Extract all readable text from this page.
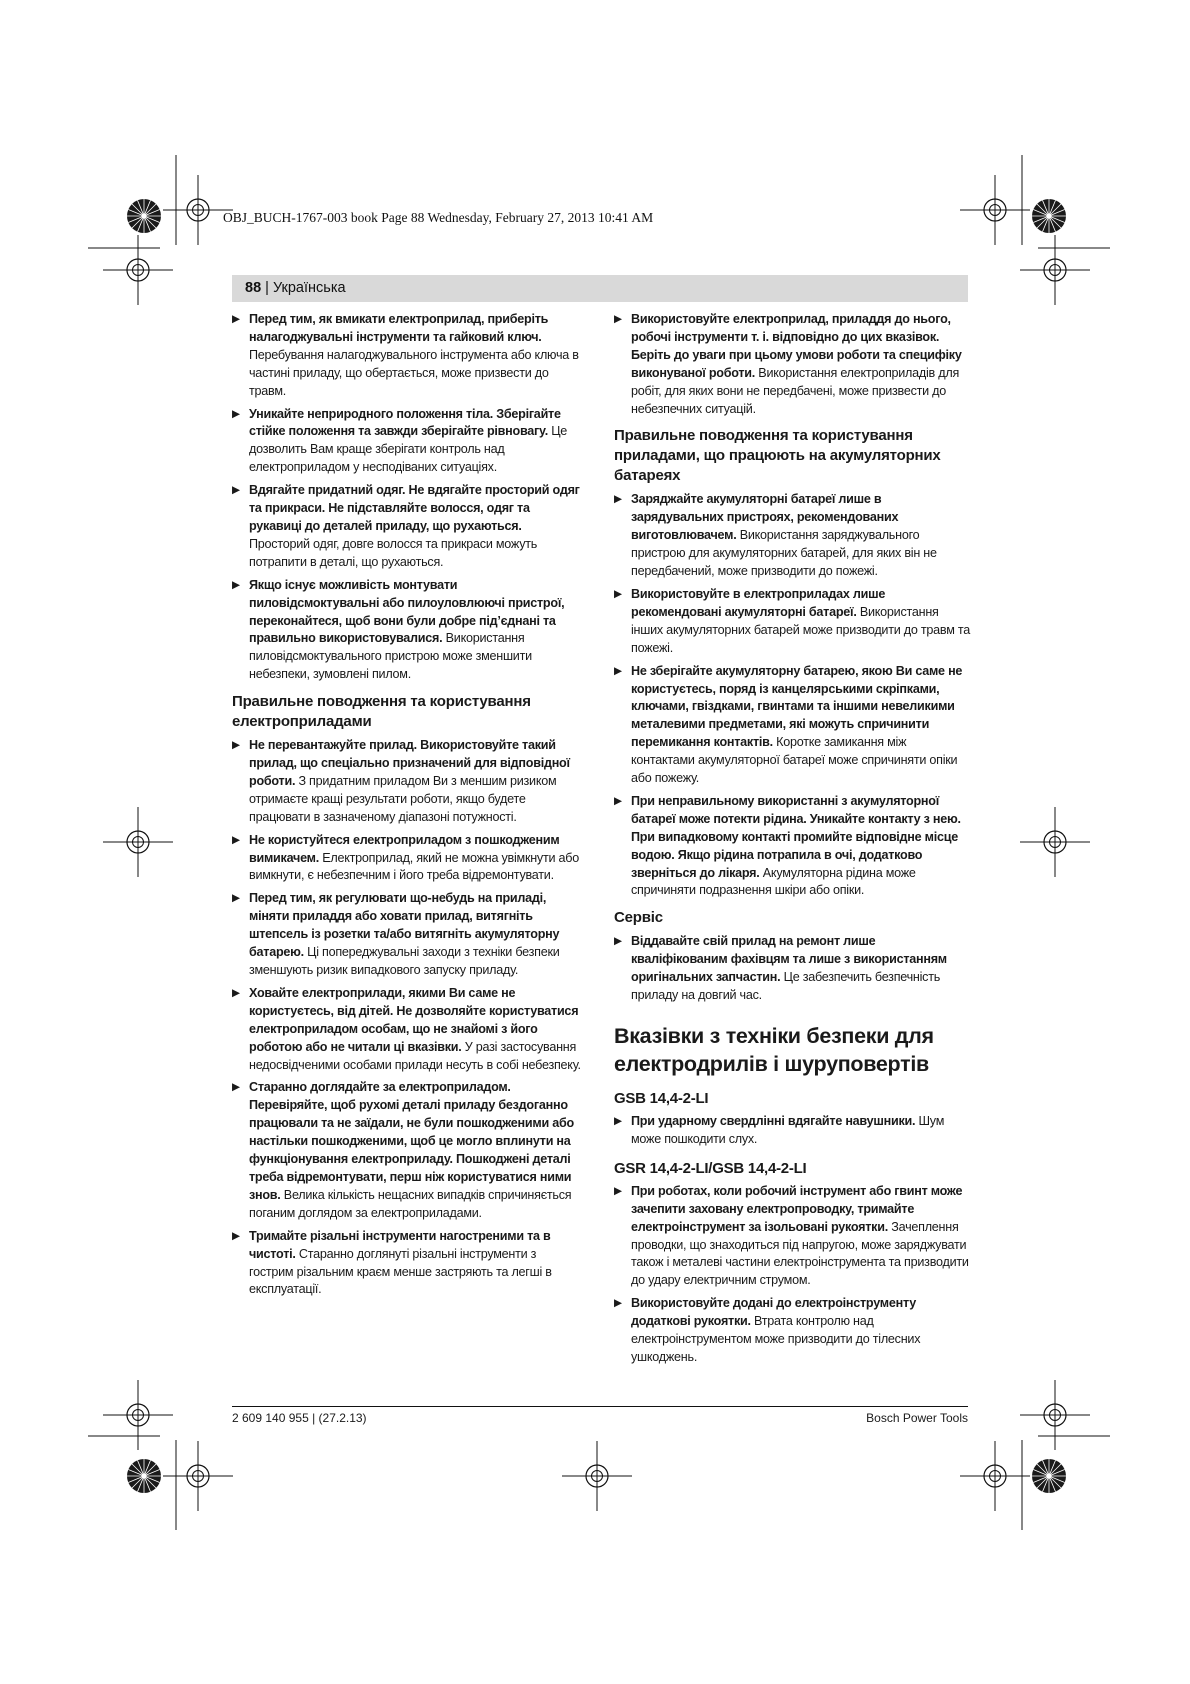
OBJ_BUCH-1767-003 book Page 88 Wednesday, February 27, 2013 10:41 AM
88 | Українська
▶ Перед тим, як вмикати електроприлад, приберіть налагоджувальні інструменти та гайковий ключ. Перебування налагоджувального інструмента або ключа в частині приладу, що обертається, може призвести до травм.
▶ Уникайте неприродного положення тіла. Зберігайте стійке положення та завжди зберігайте рівновагу. Це дозволить Вам краще зберігати контроль над електроприладом у несподіваних ситуаціях.
▶ Вдягайте придатний одяг. Не вдягайте просторий одяг та прикраси. Не підставляйте волосся, одяг та рукавиці до деталей приладу, що рухаються. Просторий одяг, довге волосся та прикраси можуть потрапити в деталі, що рухаються.
▶ Якщо існує можливість монтувати пиловідсмоктувальні або пилоуловлюючі пристрої, переконайтеся, щоб вони були добре під’єднані та правильно використовувалися. Використання пиловідсмоктувального пристрою може зменшити небезпеки, зумовлені пилом.
Правильне поводження та користування електроприладами
▶ Не перевантажуйте прилад. Використовуйте такий прилад, що спеціально призначений для відповідної роботи. З придатним приладом Ви з меншим ризиком отримаєте кращі результати роботи, якщо будете працювати в зазначеному діапазоні потужності.
▶ Не користуйтеся електроприладом з пошкодженим вимикачем. Електроприлад, який не можна увімкнути або вимкнути, є небезпечним і його треба відремонтувати.
▶ Перед тим, як регулювати що-небудь на приладі, міняти приладдя або ховати прилад, витягніть штепсель із розетки та/або витягніть акумуляторну батарею. Ці попереджувальні заходи з техніки безпеки зменшують ризик випадкового запуску приладу.
▶ Ховайте електроприлади, якими Ви саме не користуєтесь, від дітей. Не дозволяйте користуватися електроприладом особам, що не знайомі з його роботою або не читали ці вказівки. У разі застосування недосвідченими особами прилади несуть в собі небезпеку.
▶ Старанно доглядайте за електроприладом. Перевіряйте, щоб рухомі деталі приладу бездоганно працювали та не заїдали, не були пошкодженими або настільки пошкодженими, щоб це могло вплинути на функціонування електроприладу. Пошкоджені деталі треба відремонтувати, перш ніж користуватися ними знов. Велика кількість нещасних випадків спричиняється поганим доглядом за електроприладами.
▶ Тримайте різальні інструменти нагостреними та в чистоті. Старанно доглянуті різальні інструменти з гострим різальним краєм менше застряють та легші в експлуатації.
▶ Використовуйте електроприлад, приладдя до нього, робочі інструменти т. і. відповідно до цих вказівок. Беріть до уваги при цьому умови роботи та специфіку виконуваної роботи. Використання електроприладів для робіт, для яких вони не передбачені, може призвести до небезпечних ситуацій.
Правильне поводження та користування приладами, що працюють на акумуляторних батареях
▶ Заряджайте акумуляторні батареї лише в зарядувальних пристроях, рекомендованих виготовлювачем. Використання заряджувального пристрою для акумуляторних батарей, для яких він не передбачений, може призводити до пожежі.
▶ Використовуйте в електроприладах лише рекомендовані акумуляторні батареї. Використання інших акумуляторних батарей може призводити до травм та пожежі.
▶ Не зберігайте акумуляторну батарею, якою Ви саме не користуєтесь, поряд із канцелярськими скріпками, ключами, гвіздками, гвинтами та іншими невеликими металевими предметами, які можуть спричинити перемикання контактів. Коротке замикання між контактами акумуляторної батареї може спричиняти опіки або пожежу.
▶ При неправильному використанні з акумуляторної батареї може потекти рідина. Уникайте контакту з нею. При випадковому контакті промийте відповідне місце водою. Якщо рідина потрапила в очі, додатково зверніться до лікаря. Акумуляторна рідина може спричиняти подразнення шкіри або опіки.
Сервіс
▶ Віддавайте свій прилад на ремонт лише кваліфікованим фахівцям та лише з використанням оригінальних запчастин. Це забезпечить безпечність приладу на довгий час.
Вказівки з техніки безпеки для електродрилів і шуруповертів
GSB 14,4-2-LI
▶ При ударному свердлінні вдягайте навушники. Шум може пошкодити слух.
GSR 14,4-2-LI/GSB 14,4-2-LI
▶ При роботах, коли робочий інструмент або гвинт може зачепити заховану електропроводку, тримайте електроінструмент за ізольовані рукоятки. Зачеплення проводки, що знаходиться під напругою, може заряджувати також і металеві частини електроінструмента та призводити до удару електричним струмом.
▶ Використовуйте додані до електроінструменту додаткові рукоятки. Втрата контролю над електроінструментом може призводити до тілесних ушкоджень.
2 609 140 955 | (27.2.13)	Bosch Power Tools
